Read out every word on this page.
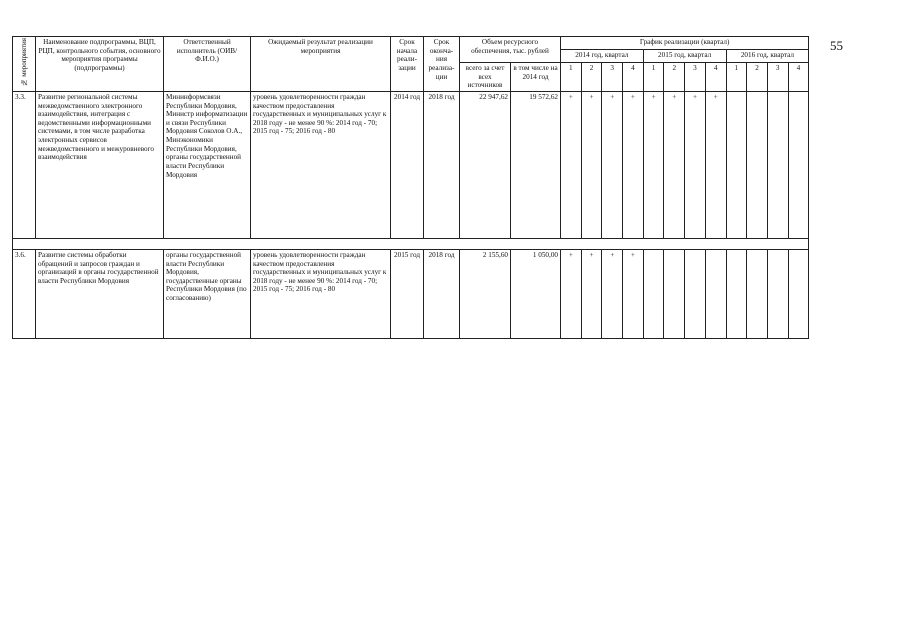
55
№ мероприятия	Наименование подпрограммы, ВЦП, РЦП, контрольного события, основного мероприятия программы (подпрограммы)	Ответственный исполнитель (ОИВ/ Ф.И.О.)	Ожидаемый результат реализации мероприятия	Срок начала реали-зации	Срок оконча-ния реализа-ции	Объем ресурсного обеспечения, тыс. рублей		График реализации (квартал)											
								2014 год, квартал				2015 год, квартал				2016 год, квартал			
						всего за счет всех источников	в том числе на 2014 год	1	2	3	4	1	2	3	4	1	2	3	4
3.3.	Развитие региональной системы межведомственного электронного взаимодействия, интеграция с ведомственными информационными системами, в том числе разработка электронных сервисов межведомственного и межуровневого взаимодействия	Мининформсвязи Республики Мордовия, Министр информатизации и связи Республики Мордовия Соколов О.А., Минэкономики Республики Мордовия, органы государственной власти Республики Мордовия	уровень удовлетворенности граждан качеством предоставления государственных и муниципальных услуг к 2018 году - не менее 90 %: 2014 год - 70; 2015 год - 75; 2016 год - 80	2014 год	2018 год	22 947,62	19 572,62	+	+	+	+	+	+	+	+				

3.6.	Развитие системы обработки обращений и запросов граждан и организаций в органы государственной власти Республики Мордовия	органы государственной власти Республики Мордовия, государственные органы Республики Мордовия (по согласованию)	уровень удовлетворенности граждан качеством предоставления государственных и муниципальных услуг к 2018 году - не менее 90 %: 2014 год - 70; 2015 год - 75; 2016 год - 80	2015 год	2018 год	2 155,60	1 050,00	+	+	+	+								
